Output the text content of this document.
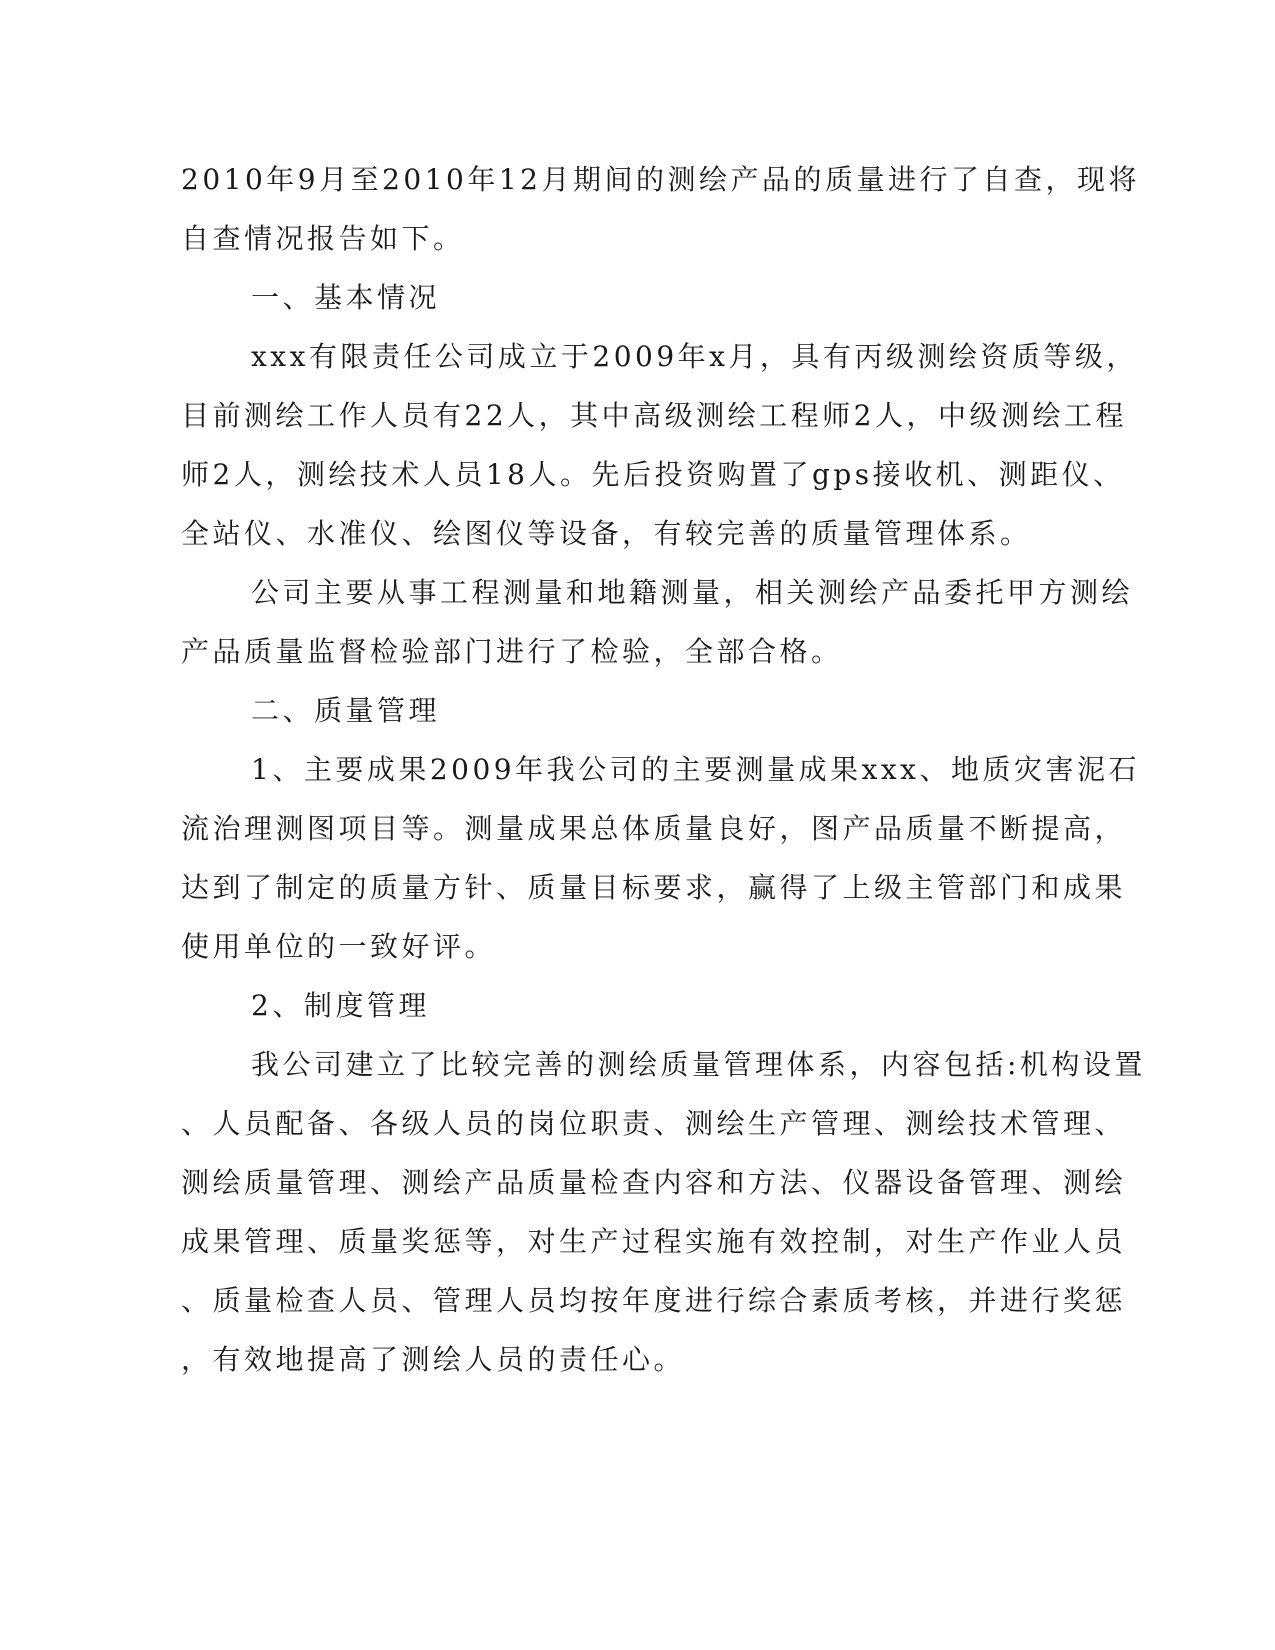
2010年9月至2010年12月期间的测绘产品的质量进行了自查，现将
自查情况报告如下。
一、基本情况
xxx有限责任公司成立于2009年x月，具有丙级测绘资质等级，
目前测绘工作人员有22人，其中高级测绘工程师2人，中级测绘工程
师2人，测绘技术人员18人。先后投资购置了gps接收机、测距仪、
全站仪、水准仪、绘图仪等设备，有较完善的质量管理体系。
公司主要从事工程测量和地籍测量，相关测绘产品委托甲方测绘
产品质量监督检验部门进行了检验，全部合格。
二、质量管理
1、主要成果2009年我公司的主要测量成果xxx、地质灾害泥石
流治理测图项目等。测量成果总体质量良好，图产品质量不断提高，
达到了制定的质量方针、质量目标要求，赢得了上级主管部门和成果
使用单位的一致好评。
2、制度管理
我公司建立了比较完善的测绘质量管理体系，内容包括:机构设置
、人员配备、各级人员的岗位职责、测绘生产管理、测绘技术管理、
测绘质量管理、测绘产品质量检查内容和方法、仪器设备管理、测绘
成果管理、质量奖惩等，对生产过程实施有效控制，对生产作业人员
、质量检查人员、管理人员均按年度进行综合素质考核，并进行奖惩
，有效地提高了测绘人员的责任心。
